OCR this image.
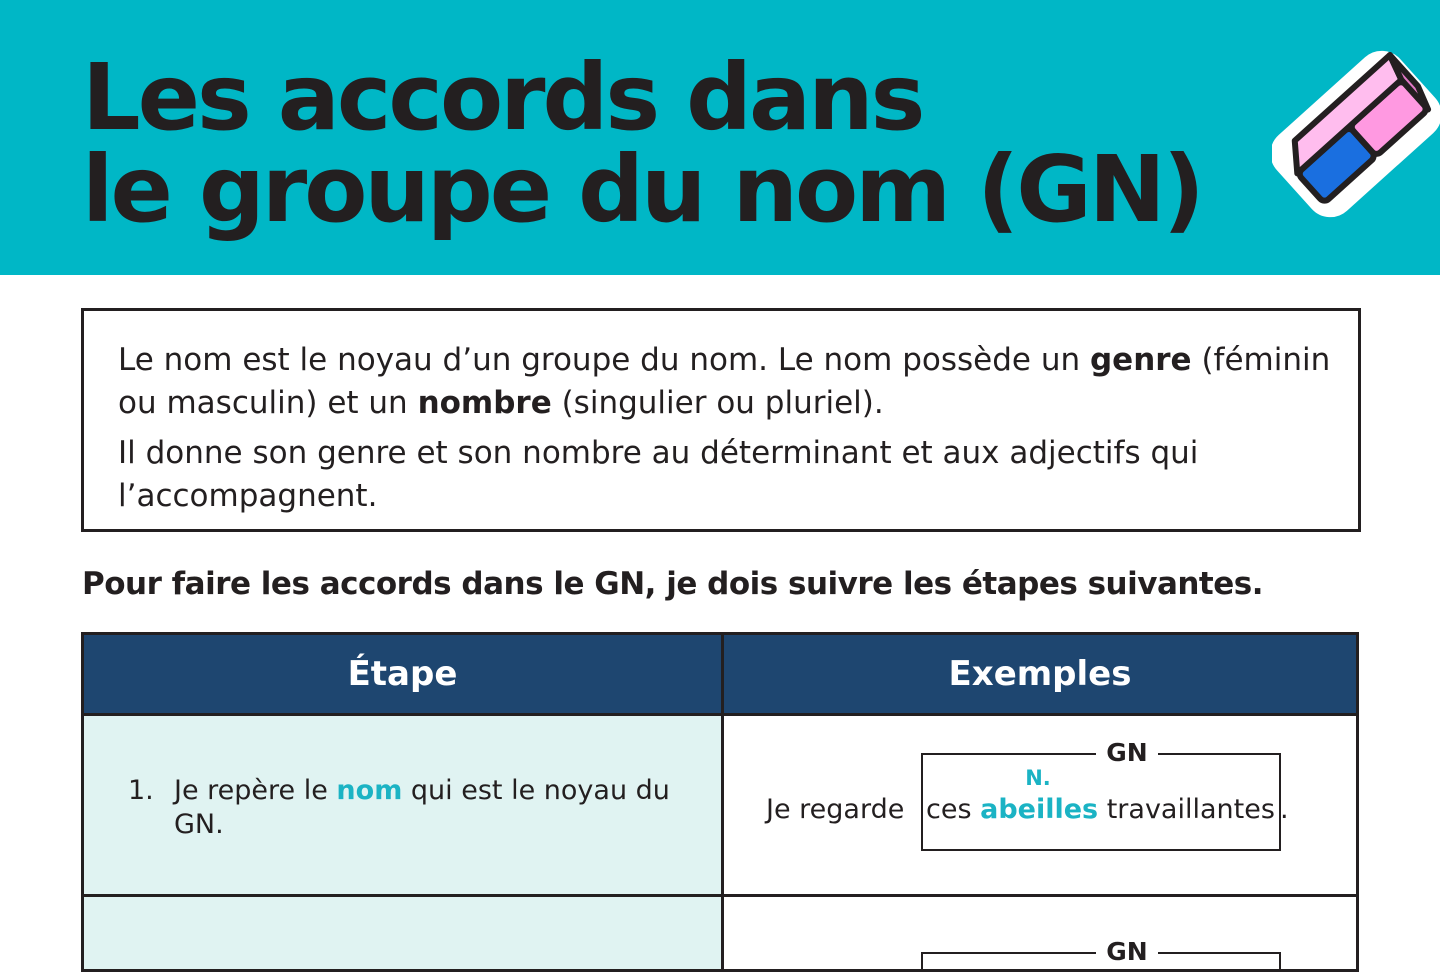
Les accords dans
le groupe du nom (GN)

Le nom est le noyau d’un groupe du nom. Le nom possède un genre (féminin ou masculin) et un nombre (singulier ou pluriel).

Il donne son genre et son nombre au déterminant et aux adjectifs qui l’accompagnent.

Pour faire les accords dans le GN, je dois suivre les étapes suivantes.
Étape	Exemples
1. Je repère le nom qui est le noyau du GN.	Je regarde
GN
N.
ces abeilles travaillantes .
GN
